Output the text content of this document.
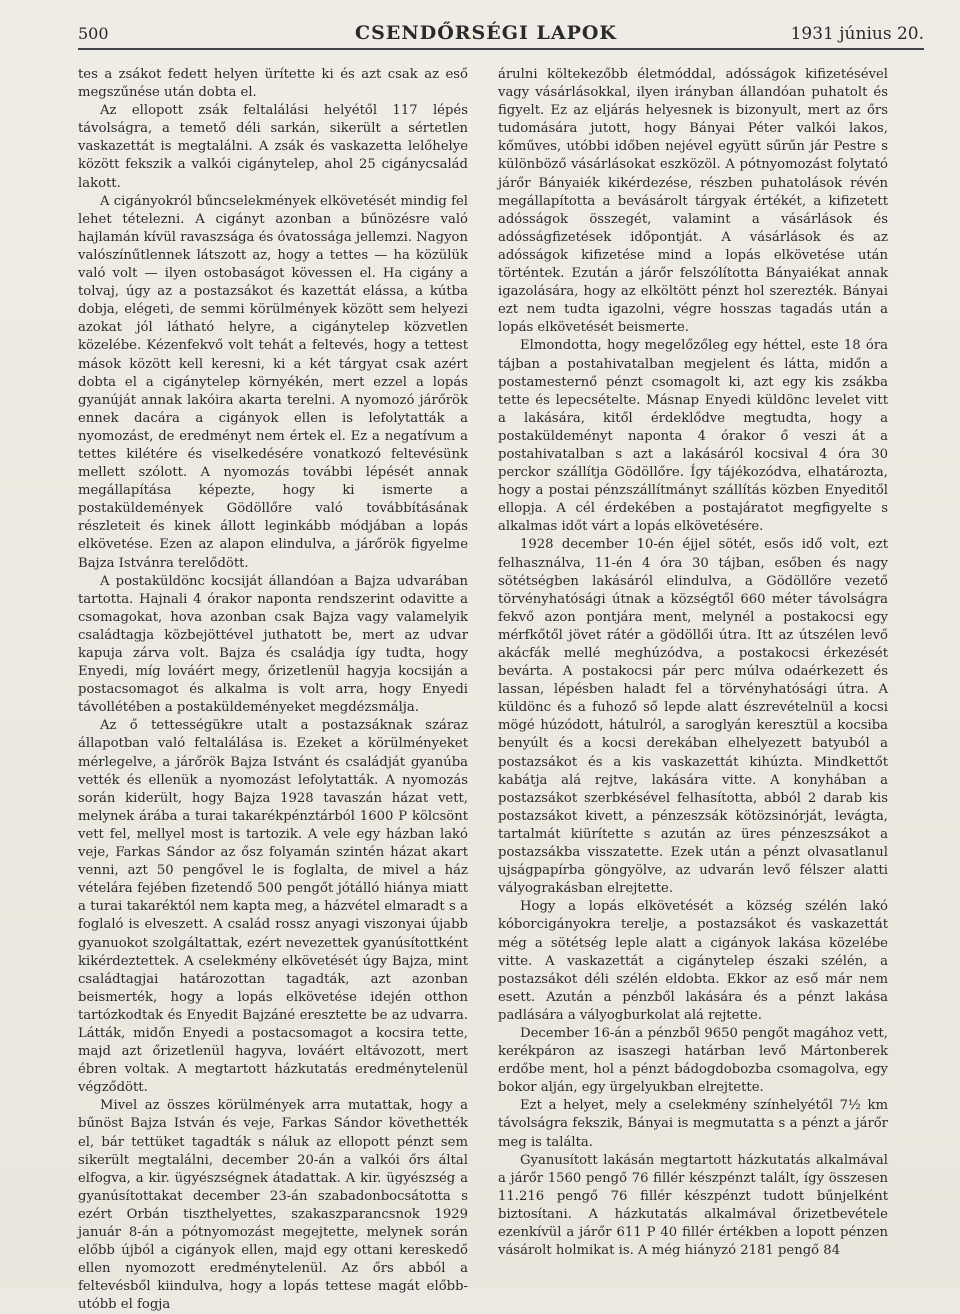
500	CSENDŐRSÉGI LAPOK	1931 június 20.

tes a zsákot fedett helyen ürítette ki és azt csak az eső megszűnése után dobta el.

Az ellopott zsák feltalálási helyétől 117 lépés távolságra, a temető déli sarkán, sikerült a sértetlen vaskazettát is megtalálni. A zsák és vaskazetta lelőhelye között fekszik a valkói cigánytelep, ahol 25 cigánycsalád lakott.

A cigányokról bűncselekmények elkövetését mindig fel lehet tételezni. A cigányt azonban a bűnözésre való hajlamán kívül ravaszsága és óvatossága jellemzi. Nagyon valószínűtlennek látszott az, hogy a tettes — ha közülük való volt — ilyen ostobaságot kövessen el. Ha cigány a tolvaj, úgy az a postazsákot és kazettát elássa, a kútba dobja, elégeti, de semmi körülmények között sem helyezi azokat jól látható helyre, a cigánytelep közvetlen közelébe. Kézenfekvő volt tehát a feltevés, hogy a tettest mások között kell keresni, ki a két tárgyat csak azért dobta el a cigánytelep környékén, mert ezzel a lopás gyanúját annak lakóira akarta terelni. A nyomozó járőrök ennek dacára a cigányok ellen is lefolytatták a nyomozást, de eredményt nem értek el. Ez a negatívum a tettes kilétére és viselkedésére vonatkozó feltevésünk mellett szólott. A nyomozás további lépését annak megállapítása képezte, hogy ki ismerte a postaküldemények Gödöllőre való továbbításának részleteit és kinek állott leginkább módjában a lopás elkövetése. Ezen az alapon elindulva, a járőrök figyelme Bajza Istvánra terelődött.

A postaküldönc kocsiját állandóan a Bajza udvarában tartotta. Hajnali 4 órakor naponta rendszerint odavitte a csomagokat, hova azonban csak Bajza vagy valamelyik családtagja közbejöttével juthatott be, mert az udvar kapuja zárva volt. Bajza és családja így tudta, hogy Enyedi, míg lováért megy, őrizetlenül hagyja kocsiján a postacsomagot és alkalma is volt arra, hogy Enyedi távollétében a postaküldeményeket megdézsmálja.

Az ő tettességükre utalt a postazsáknak száraz állapotban való feltalálása is. Ezeket a körülményeket mérlegelve, a járőrök Bajza Istvánt és családját gyanúba vették és ellenük a nyomozást lefolytatták. A nyomozás során kiderült, hogy Bajza 1928 tavaszán házat vett, melynek árába a turai takarékpénztárból 1600 P kölcsönt vett fel, mellyel most is tartozik. A vele egy házban lakó veje, Farkas Sándor az ősz folyamán szintén házat akart venni, azt 50 pengővel le is foglalta, de mivel a ház vételára fejében fizetendő 500 pengőt jótálló hiánya miatt a turai takaréktól nem kapta meg, a házvétel elmaradt s a foglaló is elveszett. A család rossz anyagi viszonyai újabb gyanuokot szolgáltattak, ezért nevezettek gyanúsítottként kikérdeztettek. A cselekmény elkövetését úgy Bajza, mint családtagjai határozottan tagadták, azt azonban beismerték, hogy a lopás elkövetése idején otthon tartózkodtak és Enyedit Bajzáné eresztette be az udvarra. Látták, midőn Enyedi a postacsomagot a kocsira tette, majd azt őrizetlenül hagyva, lováért eltávozott, mert ébren voltak. A megtartott házkutatás eredménytelenül végződött.

Mivel az összes körülmények arra mutattak, hogy a bűnöst Bajza István és veje, Farkas Sándor követhették el, bár tettüket tagadták s náluk az ellopott pénzt sem sikerült megtalálni, december 20-án a valkói őrs által elfogva, a kir. ügyészségnek átadattak. A kir. ügyészség a gyanúsítottakat december 23-án szabadonbocsátotta s ezért Orbán tiszthelyettes, szakaszparancsnok 1929 január 8-án a pótnyomozást megejtette, melynek során előbb újból a cigányok ellen, majd egy ottani kereskedő ellen nyomozott eredménytelenül. Az őrs abból a feltevésből kiindulva, hogy a lopás tettese magát előbb-utóbb el fogja

árulni költekezőbb életmóddal, adósságok kifizetésével vagy vásárlásokkal, ilyen irányban állandóan puhatolt és figyelt. Ez az eljárás helyesnek is bizonyult, mert az őrs tudomására jutott, hogy Bányai Péter valkói lakos, kőműves, utóbbi időben nejével együtt sűrűn jár Pestre s különböző vásárlásokat eszközöl. A pótnyomozást folytató járőr Bányaiék kikérdezése, részben puhatolások révén megállapította a bevásárolt tárgyak értékét, a kifizetett adósságok összegét, valamint a vásárlások és adósságfizetések időpontját. A vásárlások és az adósságok kifizetése mind a lopás elkövetése után történtek. Ezután a járőr felszólította Bányaiékat annak igazolására, hogy az elköltött pénzt hol szerezték. Bányai ezt nem tudta igazolni, végre hosszas tagadás után a lopás elkövetését beismerte.

Elmondotta, hogy megelőzőleg egy héttel, este 18 óra tájban a postahivatalban megjelent és látta, midőn a postamesternő pénzt csomagolt ki, azt egy kis zsákba tette és lepecsételte. Másnap Enyedi küldönc levelet vitt a lakására, kitől érdeklődve megtudta, hogy a postaküldeményt naponta 4 órakor ő veszi át a postahivatalban s azt a lakásáról kocsival 4 óra 30 perckor szállítja Gödöllőre. Így tájékozódva, elhatározta, hogy a postai pénzszállítmányt szállítás közben Enyeditől ellopja. A cél érdekében a postajáratot megfigyelte s alkalmas időt várt a lopás elkövetésére.

1928 december 10-én éjjel sötét, esős idő volt, ezt felhasználva, 11-én 4 óra 30 tájban, esőben és nagy sötétségben lakásáról elindulva, a Gödöllőre vezető törvényhatósági útnak a községtől 660 méter távolságra fekvő azon pontjára ment, melynél a postakocsi egy mérfkőtől jövet rátér a gödöllői útra. Itt az útszélen levő akácfák mellé meghúzódva, a postakocsi érkezését bevárta. A postakocsi pár perc múlva odaérkezett és lassan, lépésben haladt fel a törvényhatósági útra. A küldönc és a fuhoző ső lepde alatt észrevételnül a kocsi mögé húzódott, hátulról, a saroglyán keresztül a kocsiba benyúlt és a kocsi derekában elhelyezett batyuból a postazsákot és a kis vaskazettát kihúzta. Mindkettőt kabátja alá rejtve, lakására vitte. A konyhában a postazsákot szerbkésével felhasította, abból 2 darab kis postazsákot kivett, a pénzeszsák kötözsinórját, levágta, tartalmát kiürítette s azután az üres pénzeszsákot a postazsákba visszatette. Ezek után a pénzt olvasatlanul ujságpapírba göngyölve, az udvarán levő félszer alatti vályograkásban elrejtette.

Hogy a lopás elkövetését a község szélén lakó kóborcigányokra terelje, a postazsákot és vaskazettát még a sötétség leple alatt a cigányok lakása közelébe vitte. A vaskazettát a cigánytelep északi szélén, a postazsákot déli szélén eldobta. Ekkor az eső már nem esett. Azután a pénzből lakására és a pénzt lakása padlására a vályogburkolat alá rejtette.

December 16-án a pénzből 9650 pengőt magához vett, kerékpáron az isaszegi határban levő Mártonberek erdőbe ment, hol a pénzt bádogdobozba csomagolva, egy bokor alján, egy ürgelyukban elrejtette.

Ezt a helyet, mely a cselekmény színhelyétől 7½ km távolságra fekszik, Bányai is megmutatta s a pénzt a járőr meg is találta.

Gyanusított lakásán megtartott házkutatás alkalmával a járőr 1560 pengő 76 fillér készpénzt talált, így összesen 11.216 pengő 76 fillér készpénzt tudott bűnjelként biztosítani. A házkutatás alkalmával őrizetbevétele ezenkívül a járőr 611 P 40 fillér értékben a lopott pénzen vásárolt holmikat is. A még hiányzó 2181 pengő 84
